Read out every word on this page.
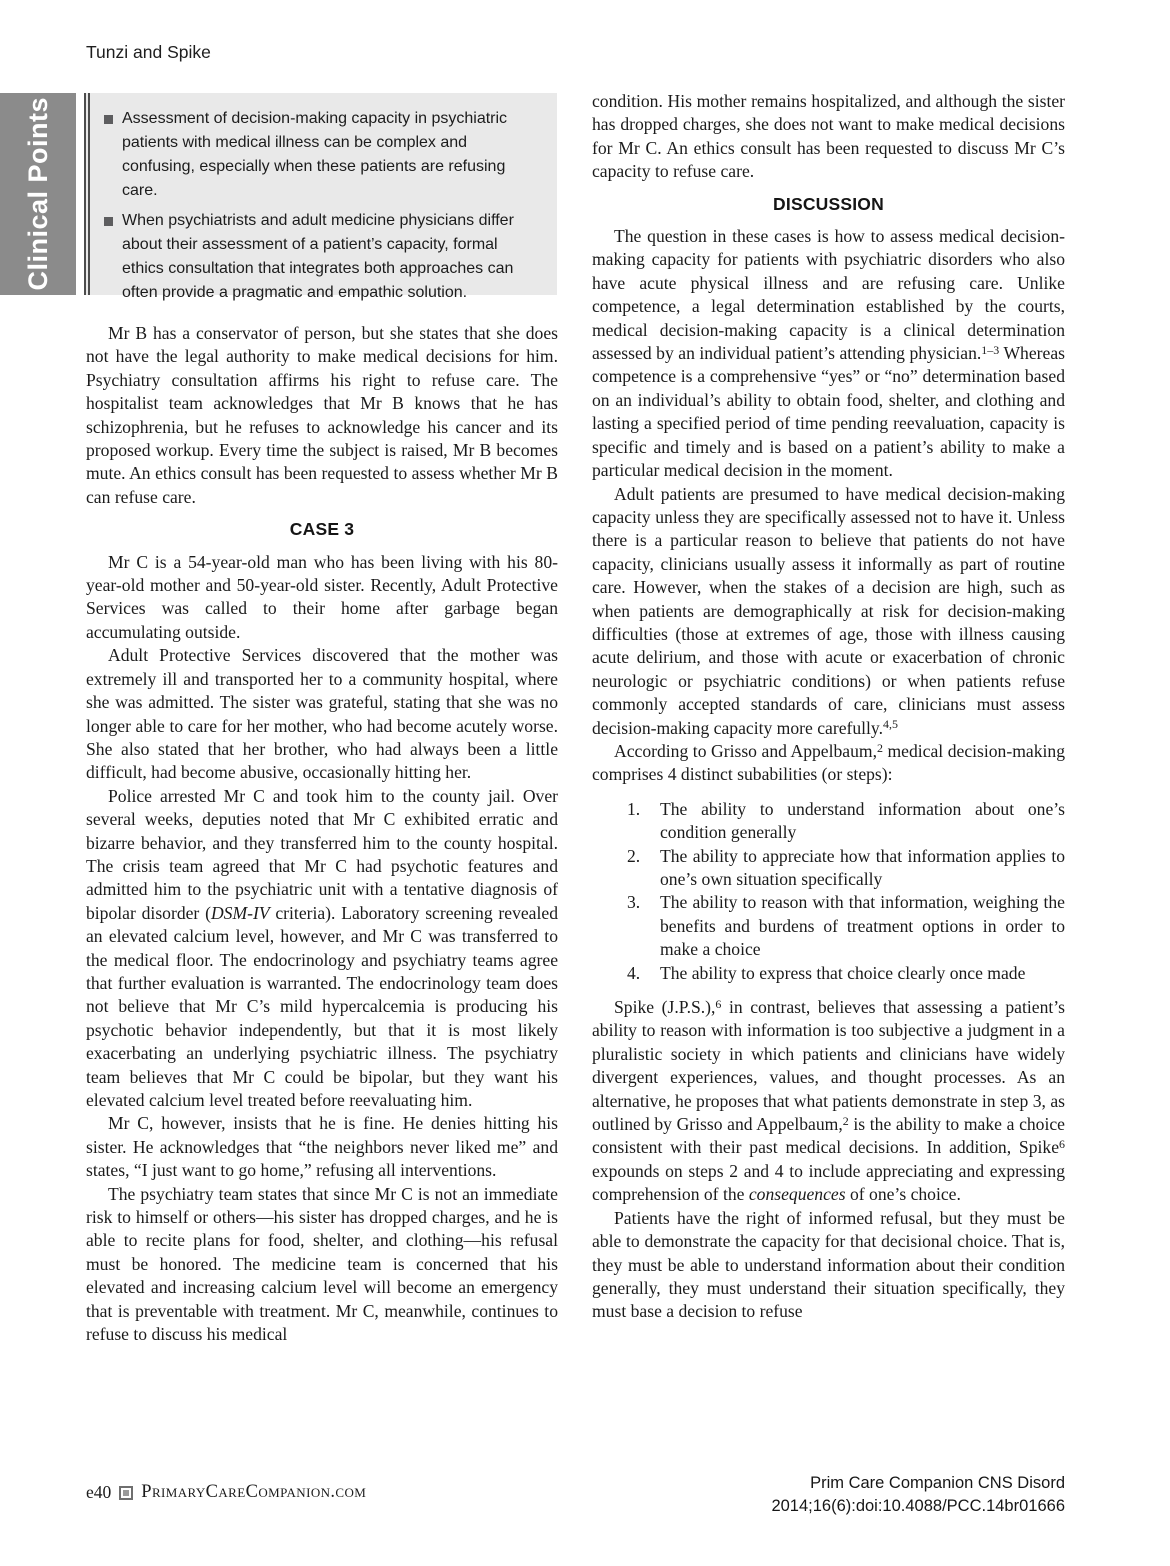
Tunzi and Spike
Clinical Points	Assessment of decision-making capacity in psychiatric patients with medical illness can be complex and confusing, especially when these patients are refusing care.
When psychiatrists and adult medicine physicians differ about their assessment of a patient’s capacity, formal ethics consultation that integrates both approaches can often provide a pragmatic and empathic solution.

Mr B has a conservator of person, but she states that she does not have the legal authority to make medical decisions for him. Psychiatry consultation affirms his right to refuse care. The hospitalist team acknowledges that Mr B knows that he has schizophrenia, but he refuses to acknowledge his cancer and its proposed workup. Every time the subject is raised, Mr B becomes mute. An ethics consult has been requested to assess whether Mr B can refuse care.

CASE 3

Mr C is a 54-year-old man who has been living with his 80-year-old mother and 50-year-old sister. Recently, Adult Protective Services was called to their home after garbage began accumulating outside.

Adult Protective Services discovered that the mother was extremely ill and transported her to a community hospital, where she was admitted. The sister was grateful, stating that she was no longer able to care for her mother, who had become acutely worse. She also stated that her brother, who had always been a little difficult, had become abusive, occasionally hitting her.

Police arrested Mr C and took him to the county jail. Over several weeks, deputies noted that Mr C exhibited erratic and bizarre behavior, and they transferred him to the county hospital. The crisis team agreed that Mr C had psychotic features and admitted him to the psychiatric unit with a tentative diagnosis of bipolar disorder (DSM-IV criteria). Laboratory screening revealed an elevated calcium level, however, and Mr C was transferred to the medical floor. The endocrinology and psychiatry teams agree that further evaluation is warranted. The endocrinology team does not believe that Mr C’s mild hypercalcemia is producing his psychotic behavior independently, but that it is most likely exacerbating an underlying psychiatric illness. The psychiatry team believes that Mr C could be bipolar, but they want his elevated calcium level treated before reevaluating him.

Mr C, however, insists that he is fine. He denies hitting his sister. He acknowledges that “the neighbors never liked me” and states, “I just want to go home,” refusing all interventions.

The psychiatry team states that since Mr C is not an immediate risk to himself or others—his sister has dropped charges, and he is able to recite plans for food, shelter, and clothing—his refusal must be honored. The medicine team is concerned that his elevated and increasing calcium level will become an emergency that is preventable with treatment. Mr C, meanwhile, continues to refuse to discuss his medical

condition. His mother remains hospitalized, and although the sister has dropped charges, she does not want to make medical decisions for Mr C. An ethics consult has been requested to discuss Mr C’s capacity to refuse care.

DISCUSSION

The question in these cases is how to assess medical decision-making capacity for patients with psychiatric disorders who also have acute physical illness and are refusing care. Unlike competence, a legal determination established by the courts, medical decision-making capacity is a clinical determination assessed by an individual patient’s attending physician.$^{1-3}$ Whereas competence is a comprehensive “yes” or “no” determination based on an individual’s ability to obtain food, shelter, and clothing and lasting a specified period of time pending reevaluation, capacity is specific and timely and is based on a patient’s ability to make a particular medical decision in the moment.

Adult patients are presumed to have medical decision-making capacity unless they are specifically assessed not to have it. Unless there is a particular reason to believe that patients do not have capacity, clinicians usually assess it informally as part of routine care. However, when the stakes of a decision are high, such as when patients are demographically at risk for decision-making difficulties (those at extremes of age, those with illness causing acute delirium, and those with acute or exacerbation of chronic neurologic or psychiatric conditions) or when patients refuse commonly accepted standards of care, clinicians must assess decision-making capacity more carefully.$^{4,5}$

According to Grisso and Appelbaum,$^2$ medical decision-making comprises 4 distinct subabilities (or steps):

1. The ability to understand information about one’s condition generally
2. The ability to appreciate how that information applies to one’s own situation specifically
3. The ability to reason with that information, weighing the benefits and burdens of treatment options in order to make a choice
4. The ability to express that choice clearly once made

Spike (J.P.S.),$^6$ in contrast, believes that assessing a patient’s ability to reason with information is too subjective a judgment in a pluralistic society in which patients and clinicians have widely divergent experiences, values, and thought processes. As an alternative, he proposes that what patients demonstrate in step 3, as outlined by Grisso and Appelbaum,$^2$ is the ability to make a choice consistent with their past medical decisions. In addition, Spike$^6$ expounds on steps 2 and 4 to include appreciating and expressing comprehension of the consequences of one’s choice.

Patients have the right of informed refusal, but they must be able to demonstrate the capacity for that decisional choice. That is, they must be able to understand information about their condition generally, they must understand their situation specifically, they must base a decision to refuse

e40 PrimaryCareCompanion.com	Prim Care Companion CNS Disord
2014;16(6):doi:10.4088/PCC.14br01666
